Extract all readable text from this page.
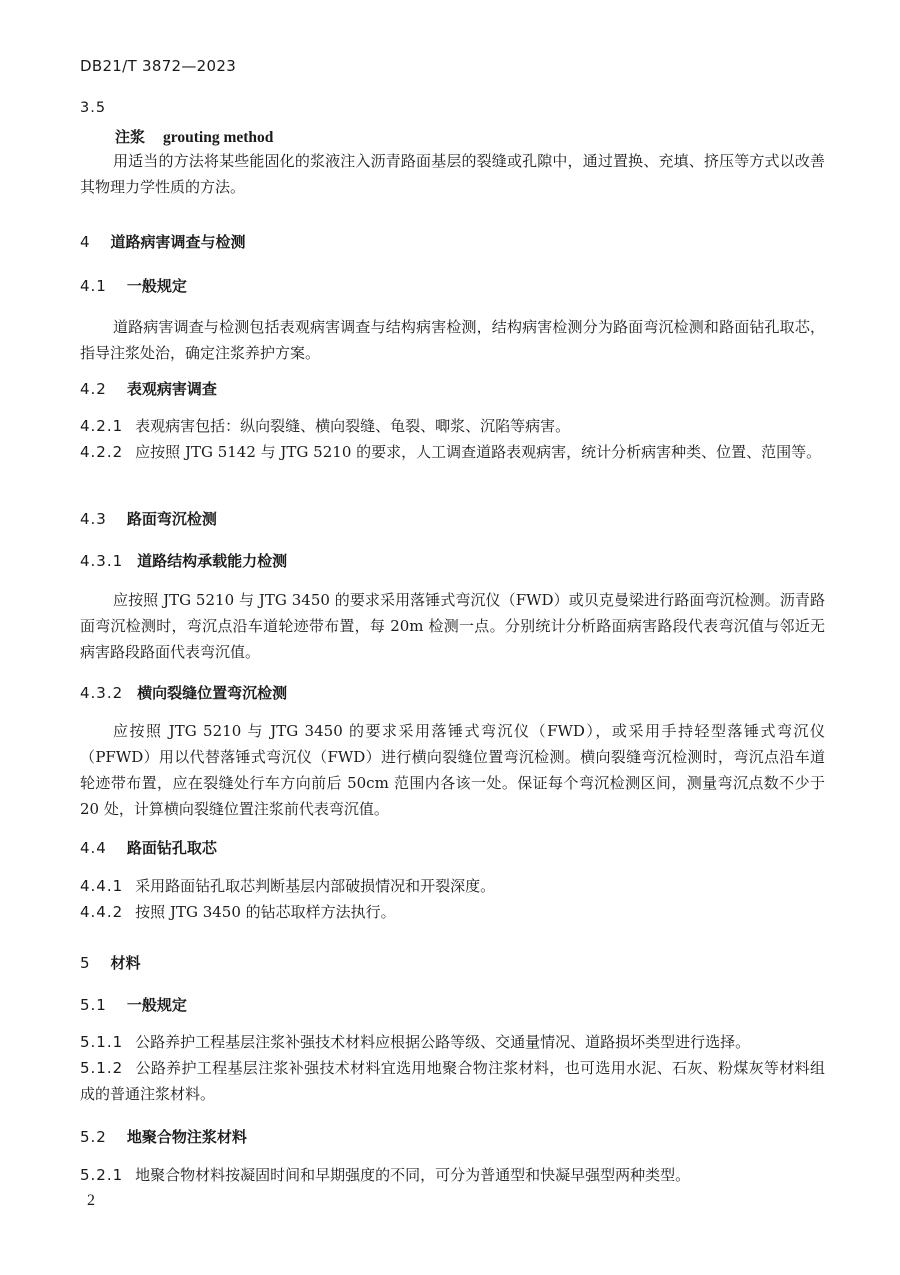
DB21/T 3872—2023
3.5
注浆 grouting method

用适当的方法将某些能固化的浆液注入沥青路面基层的裂缝或孔隙中，通过置换、充填、挤压等方式以改善其物理力学性质的方法。

4 道路病害调查与检测
4.1 一般规定

道路病害调查与检测包括表观病害调查与结构病害检测，结构病害检测分为路面弯沉检测和路面钻孔取芯，指导注浆处治，确定注浆养护方案。

4.2 表观病害调查

4.2.1 表观病害包括：纵向裂缝、横向裂缝、龟裂、唧浆、沉陷等病害。

4.2.2 应按照 JTG 5142 与 JTG 5210 的要求，人工调查道路表观病害，统计分析病害种类、位置、范围等。

4.3 路面弯沉检测
4.3.1 道路结构承载能力检测

应按照 JTG 5210 与 JTG 3450 的要求采用落锤式弯沉仪（FWD）或贝克曼梁进行路面弯沉检测。沥青路面弯沉检测时，弯沉点沿车道轮迹带布置，每 20m 检测一点。分别统计分析路面病害路段代表弯沉值与邻近无病害路段路面代表弯沉值。

4.3.2 横向裂缝位置弯沉检测

应按照 JTG 5210 与 JTG 3450 的要求采用落锤式弯沉仪（FWD），或采用手持轻型落锤式弯沉仪（PFWD）用以代替落锤式弯沉仪（FWD）进行横向裂缝位置弯沉检测。横向裂缝弯沉检测时，弯沉点沿车道轮迹带布置，应在裂缝处行车方向前后 50cm 范围内各该一处。保证每个弯沉检测区间，测量弯沉点数不少于 20 处，计算横向裂缝位置注浆前代表弯沉值。

4.4 路面钻孔取芯

4.4.1 采用路面钻孔取芯判断基层内部破损情况和开裂深度。

4.4.2 按照 JTG 3450 的钻芯取样方法执行。

5 材料
5.1 一般规定

5.1.1 公路养护工程基层注浆补强技术材料应根据公路等级、交通量情况、道路损坏类型进行选择。

5.1.2 公路养护工程基层注浆补强技术材料宜选用地聚合物注浆材料，也可选用水泥、石灰、粉煤灰等材料组成的普通注浆材料。

5.2 地聚合物注浆材料

5.2.1 地聚合物材料按凝固时间和早期强度的不同，可分为普通型和快凝早强型两种类型。

2
